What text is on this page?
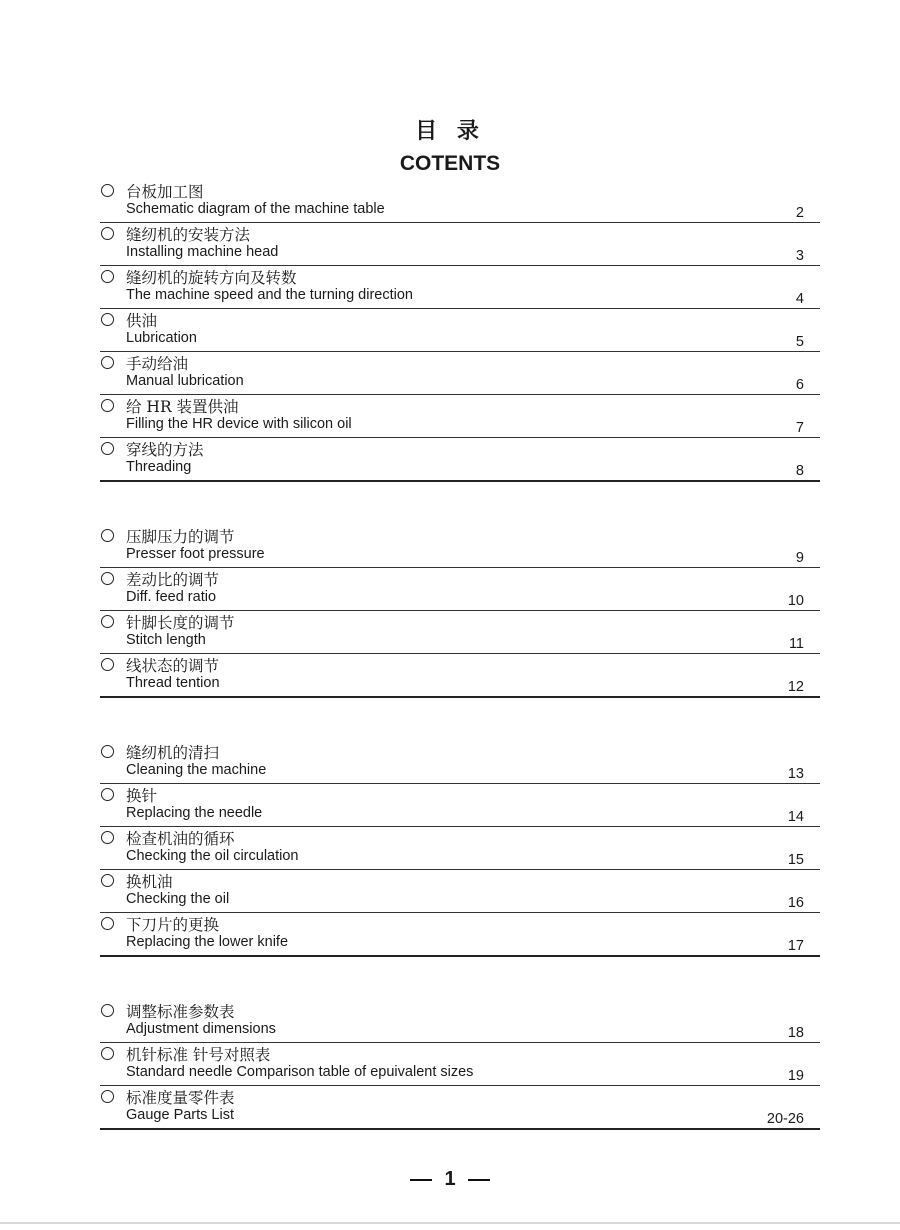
目 录
COTENTS
台板加工图
Schematic diagram of the machine table	2
缝纫机的安装方法
Installing machine head	3
缝纫机的旋转方向及转数
The machine speed and the turning direction	4
供油
Lubrication	5
手动给油
Manual lubrication	6
给 HR 装置供油
Filling the HR device with silicon oil	7
穿线的方法
Threading	8
压脚压力的调节
Presser foot pressure	9
差动比的调节
Diff. feed ratio	10
针脚长度的调节
Stitch length	11
线状态的调节
Thread tention	12
缝纫机的清扫
Cleaning the machine	13
换针
Replacing the needle	14
检查机油的循环
Checking the oil circulation	15
换机油
Checking the oil	16
下刀片的更换
Replacing the lower knife	17
调整标准参数表
Adjustment dimensions	18
机针标准 针号对照表
Standard needle Comparison table of epuivalent sizes	19
标准度量零件表
Gauge Parts List	20-26
1
